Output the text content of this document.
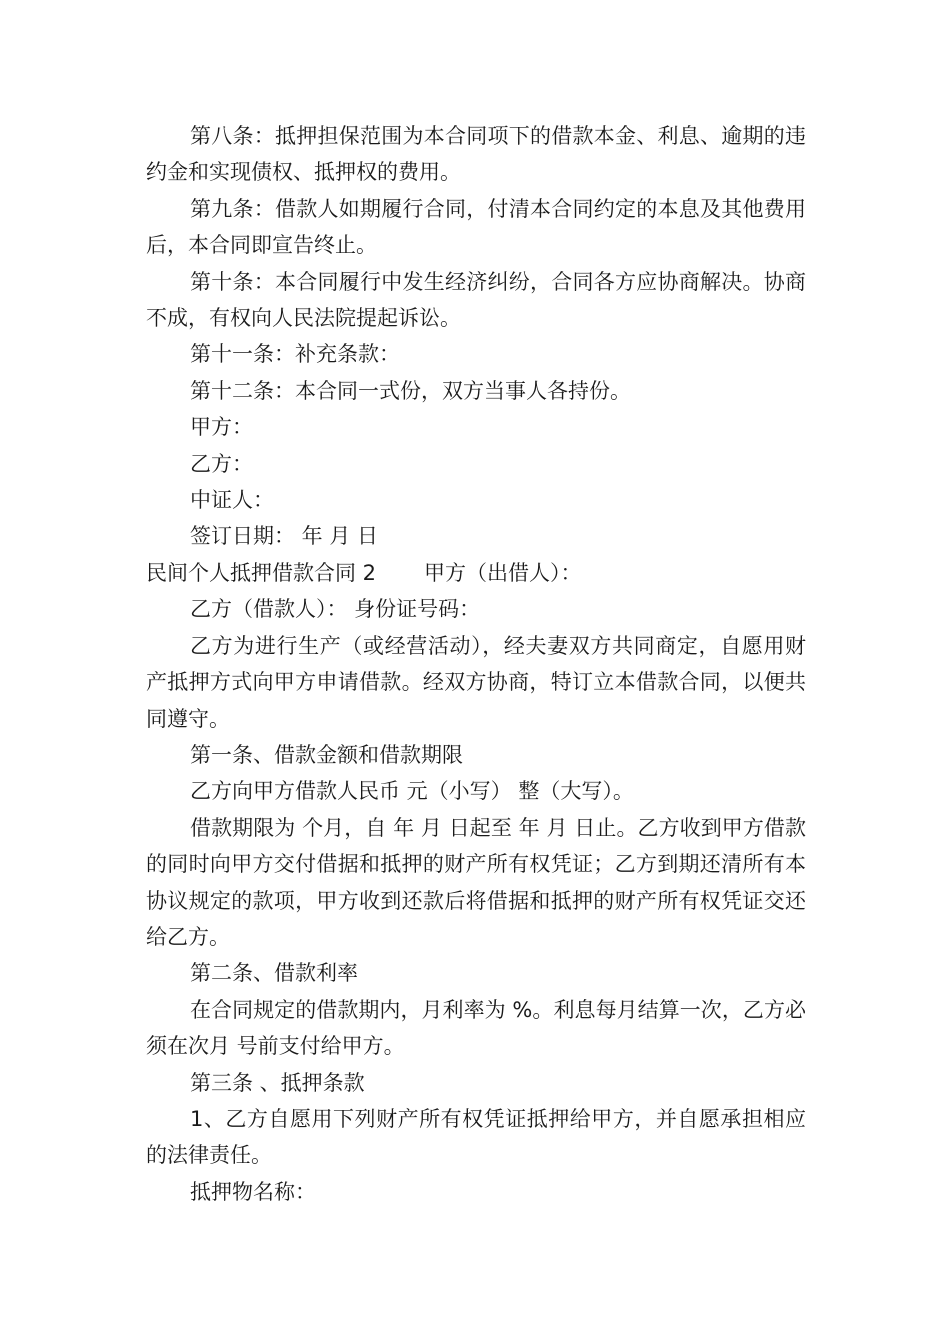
第八条：抵押担保范围为本合同项下的借款本金、利息、逾期的违约金和实现债权、抵押权的费用。

第九条：借款人如期履行合同，付清本合同约定的本息及其他费用后，本合同即宣告终止。

第十条：本合同履行中发生经济纠纷，合同各方应协商解决。协商不成，有权向人民法院提起诉讼。

第十一条：补充条款：

第十二条：本合同一式份，双方当事人各持份。

甲方：

乙方：

中证人：

签订日期： 年 月 日

民间个人抵押借款合同 2 甲方（出借人）：

乙方（借款人）： 身份证号码：

乙方为进行生产（或经营活动），经夫妻双方共同商定，自愿用财产抵押方式向甲方申请借款。经双方协商，特订立本借款合同，以便共同遵守。

第一条、借款金额和借款期限

乙方向甲方借款人民币 元（小写） 整（大写）。

借款期限为 个月，自 年 月 日起至 年 月 日止。乙方收到甲方借款的同时向甲方交付借据和抵押的财产所有权凭证；乙方到期还清所有本协议规定的款项，甲方收到还款后将借据和抵押的财产所有权凭证交还给乙方。

第二条、借款利率

在合同规定的借款期内，月利率为 %。利息每月结算一次，乙方必须在次月 号前支付给甲方。

第三条 、抵押条款

1、乙方自愿用下列财产所有权凭证抵押给甲方，并自愿承担相应的法律责任。

抵押物名称：
